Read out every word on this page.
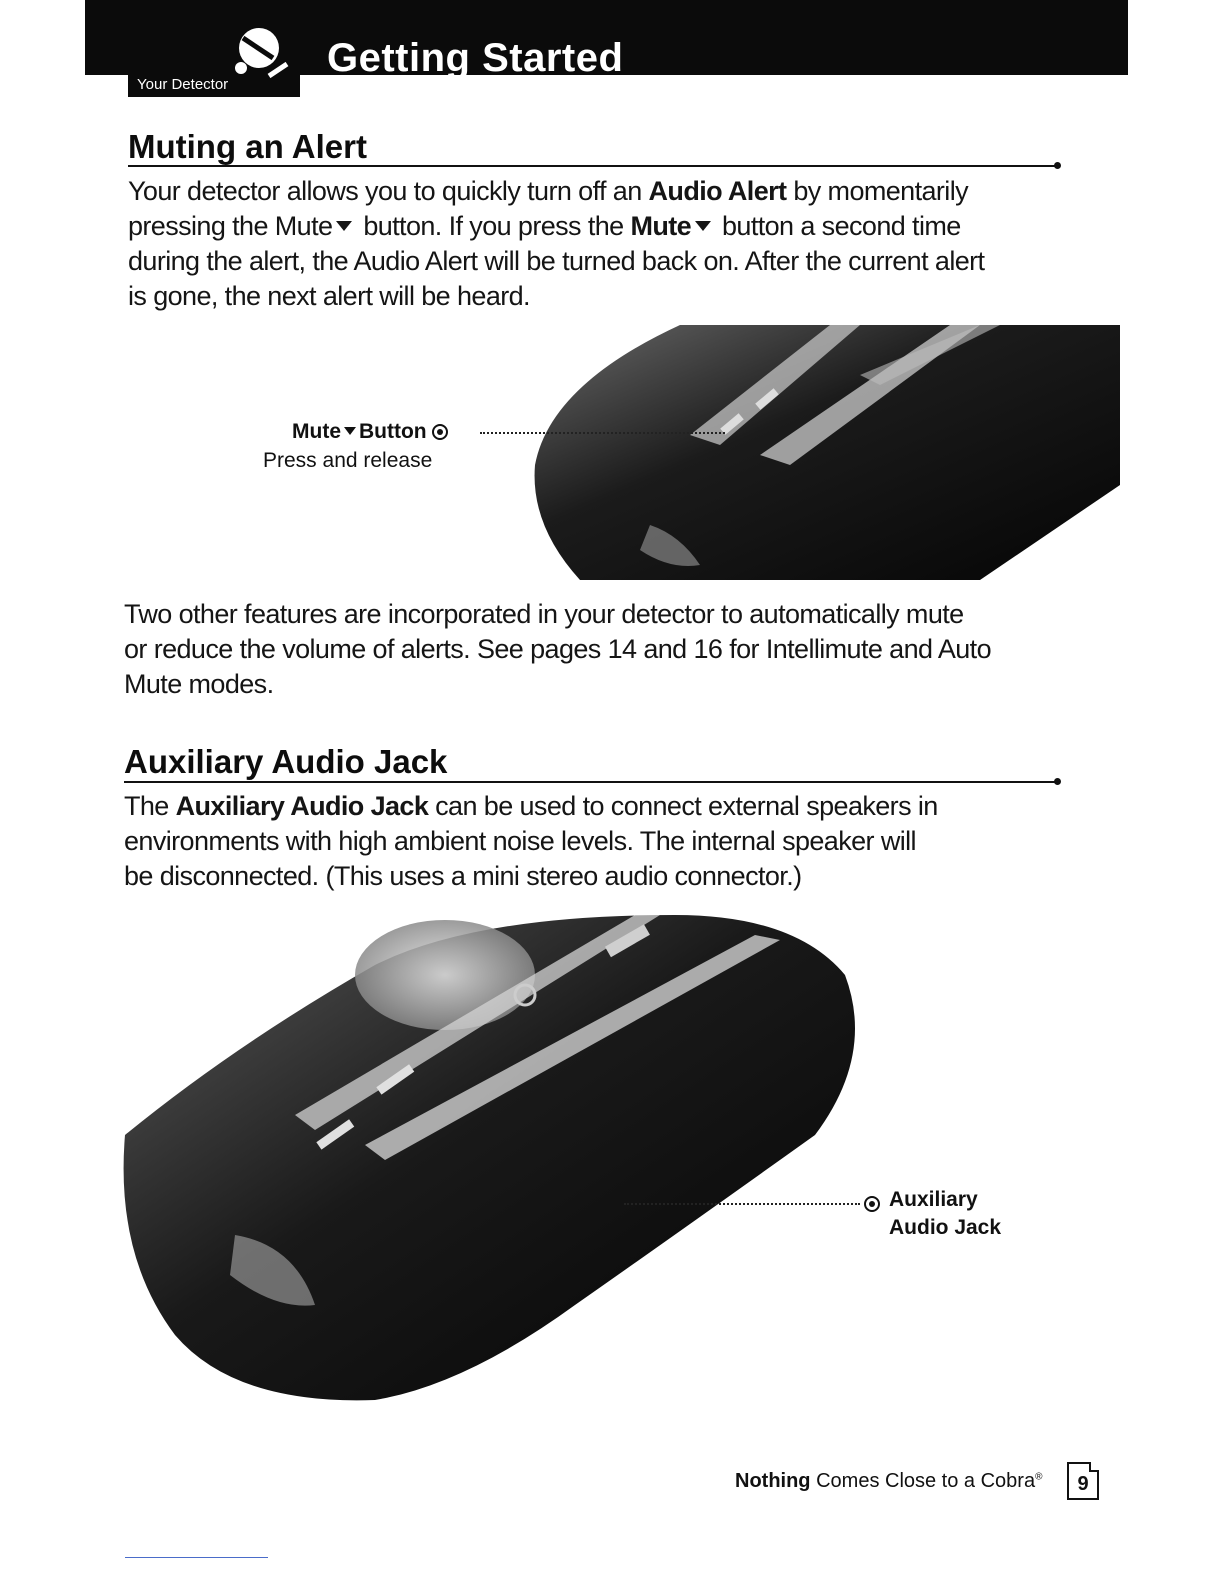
Getting Started
Your Detector
Muting an Alert
Your detector allows you to quickly turn off an Audio Alert by momentarily
pressing the Mute button. If you press the Mute button a second time
during the alert, the Audio Alert will be turned back on. After the current alert
is gone, the next alert will be heard.
Mute Button
Press and release
Two other features are incorporated in your detector to automatically mute
or reduce the volume of alerts. See pages 14 and 16 for Intellimute and Auto
Mute modes.
Auxiliary Audio Jack
The Auxiliary Audio Jack can be used to connect external speakers in
environments with high ambient noise levels. The internal speaker will
be disconnected. (This uses a mini stereo audio connector.)
Auxiliary
Audio Jack
Nothing Comes Close to a Cobra®	9
